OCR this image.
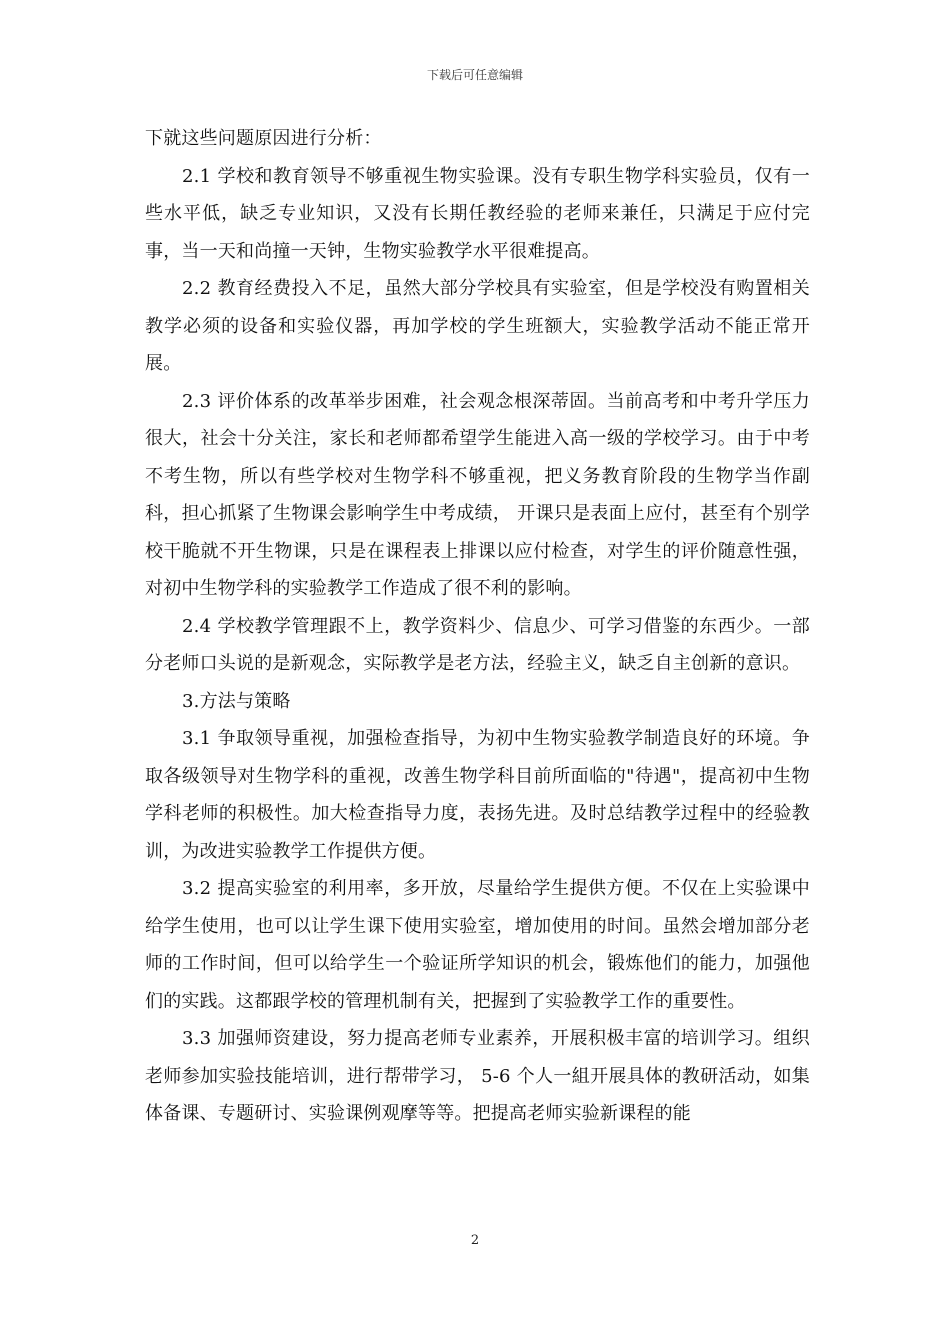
下载后可任意编辑

下就这些问题原因进行分析：

2.1 学校和教育领导不够重视生物实验课。没有专职生物学科实验员，仅有一些水平低，缺乏专业知识，又没有长期任教经验的老师来兼任，只满足于应付完事，当一天和尚撞一天钟，生物实验教学水平很难提高。

2.2 教育经费投入不足，虽然大部分学校具有实验室，但是学校没有购置相关教学必须的设备和实验仪器，再加学校的学生班额大，实验教学活动不能正常开展。

2.3 评价体系的改革举步困难，社会观念根深蒂固。当前高考和中考升学压力很大，社会十分关注，家长和老师都希望学生能进入高一级的学校学习。由于中考不考生物，所以有些学校对生物学科不够重视，把义务教育阶段的生物学当作副科，担心抓紧了生物课会影响学生中考成绩， 开课只是表面上应付，甚至有个别学校干脆就不开生物课，只是在课程表上排课以应付检查，对学生的评价随意性强，对初中生物学科的实验教学工作造成了很不利的影响。

2.4 学校教学管理跟不上，教学资料少、信息少、可学习借鉴的东西少。一部分老师口头说的是新观念，实际教学是老方法，经验主义，缺乏自主创新的意识。

3.方法与策略

3.1 争取领导重视，加强检查指导，为初中生物实验教学制造良好的环境。争取各级领导对生物学科的重视，改善生物学科目前所面临的"待遇"，提高初中生物学科老师的积极性。加大检查指导力度，表扬先进。及时总结教学过程中的经验教训，为改进实验教学工作提供方便。

3.2 提高实验室的利用率，多开放，尽量给学生提供方便。不仅在上实验课中给学生使用，也可以让学生课下使用实验室，增加使用的时间。虽然会增加部分老师的工作时间，但可以给学生一个验证所学知识的机会，锻炼他们的能力，加强他们的实践。这都跟学校的管理机制有关，把握到了实验教学工作的重要性。

3.3 加强师资建设，努力提高老师专业素养，开展积极丰富的培训学习。组织老师参加实验技能培训，进行帮带学习， 5-6 个人一組开展具体的教研活动，如集体备课、专题研讨、实验课例观摩等等。把提高老师实验新课程的能

2
